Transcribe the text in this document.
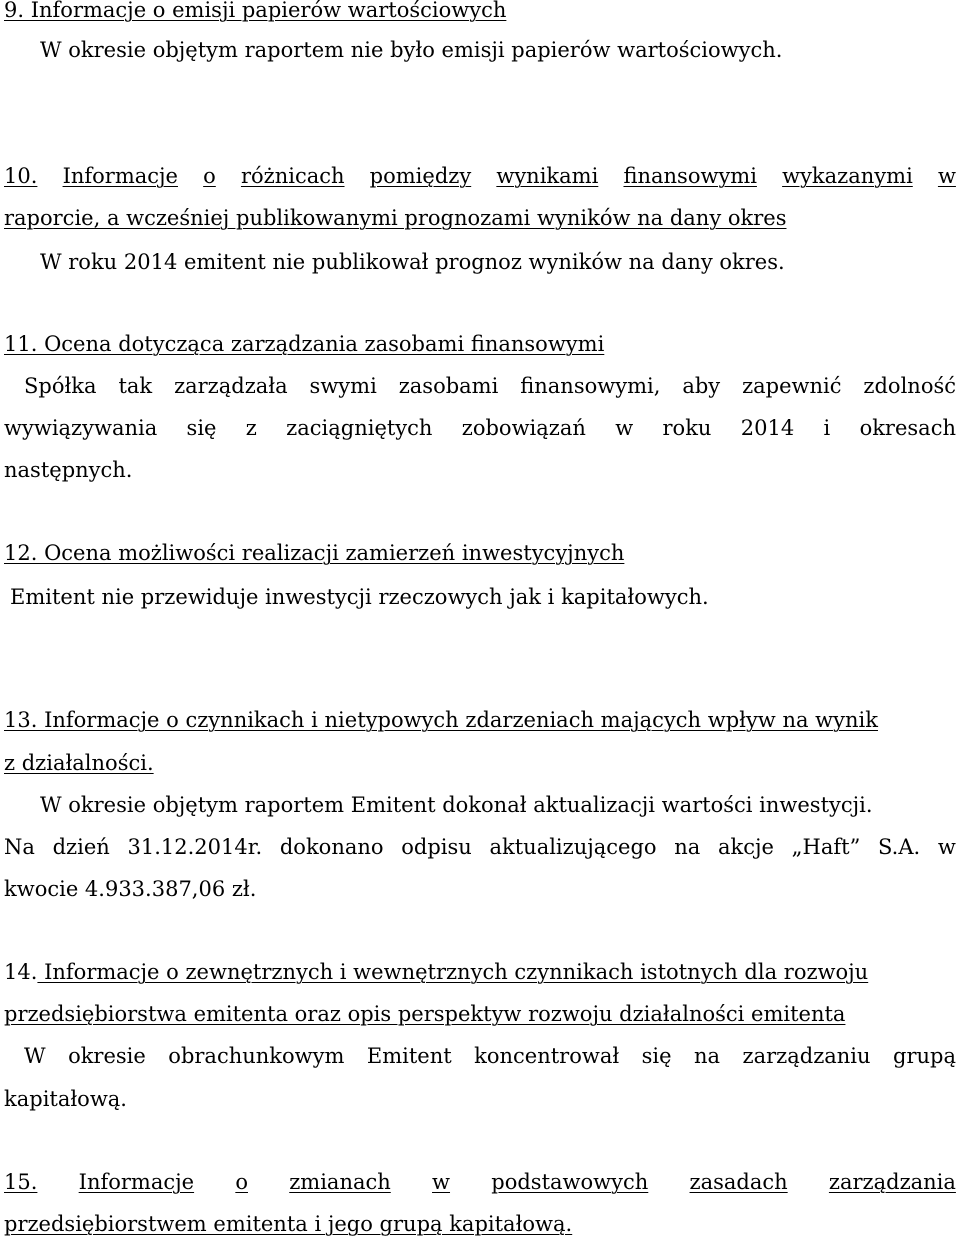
9. Informacje o emisji papierów wartościowych
W okresie objętym raportem nie było emisji papierów wartościowych.
10. Informacje o różnicach pomiędzy wynikami finansowymi wykazanymi w
raporcie, a wcześniej publikowanymi prognozami wyników na dany okres
W roku 2014 emitent nie publikował prognoz wyników na dany okres.
11. Ocena dotycząca zarządzania zasobami finansowymi
Spółka tak zarządzała swymi zasobami finansowymi, aby zapewnić zdolność
wywiązywania się z zaciągniętych zobowiązań w roku 2014 i okresach
następnych.
12. Ocena możliwości realizacji zamierzeń inwestycyjnych
Emitent nie przewiduje inwestycji rzeczowych jak i kapitałowych.
13. Informacje o czynnikach i nietypowych zdarzeniach mających wpływ na wynik
z działalności.
W okresie objętym raportem Emitent dokonał aktualizacji wartości inwestycji.
Na dzień 31.12.2014r. dokonano odpisu aktualizującego na akcje „Haft” S.A. w
kwocie 4.933.387,06 zł.
14. Informacje o zewnętrznych i wewnętrznych czynnikach istotnych dla rozwoju
przedsiębiorstwa emitenta oraz opis perspektyw rozwoju działalności emitenta
W okresie obrachunkowym Emitent koncentrował się na zarządzaniu grupą
kapitałową.
15. Informacje o zmianach w podstawowych zasadach zarządzania
przedsiębiorstwem emitenta i jego grupą kapitałową.
